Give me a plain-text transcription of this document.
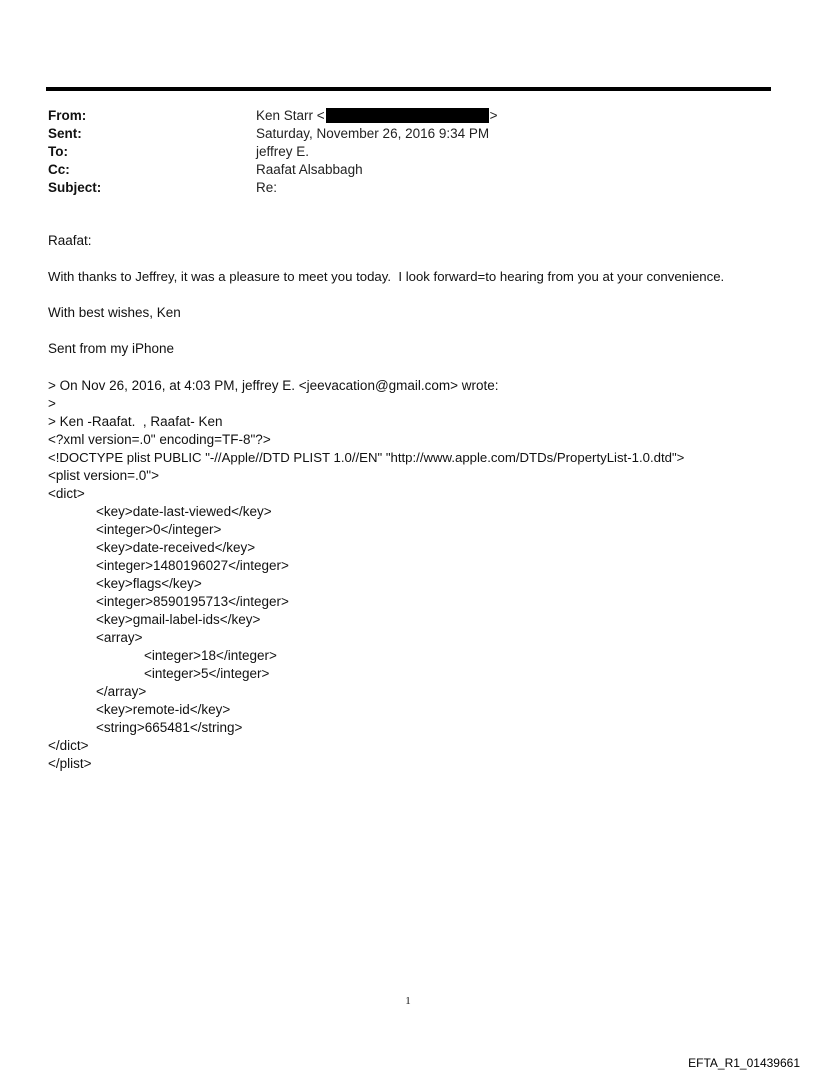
From:	Ken Starr <	>
Sent:	Saturday, November 26, 2016 9:34 PM
To:	jeffrey E.
Cc:	Raafat Alsabbagh
Subject:	Re:
Raafat:
With thanks to Jeffrey, it was a pleasure to meet you today.  I look forward=to hearing from you at your convenience.
With best wishes, Ken
Sent from my iPhone
> On Nov 26, 2016, at 4:03 PM, jeffrey E. <jeevacation@gmail.com> wrote:
>
> Ken -Raafat.  , Raafat- Ken
<?xml version=.0" encoding=TF-8"?>
<!DOCTYPE plist PUBLIC "-//Apple//DTD PLIST 1.0//EN" "http://www.apple.com/DTDs/PropertyList-1.0.dtd">
<plist version=.0">
<dict>
<key>date-last-viewed</key>
<integer>0</integer>
<key>date-received</key>
<integer>1480196027</integer>
<key>flags</key>
<integer>8590195713</integer>
<key>gmail-label-ids</key>
<array>
<integer>18</integer>
<integer>5</integer>
</array>
<key>remote-id</key>
<string>665481</string>
</dict>
</plist>
1
EFTA_R1_01439661
